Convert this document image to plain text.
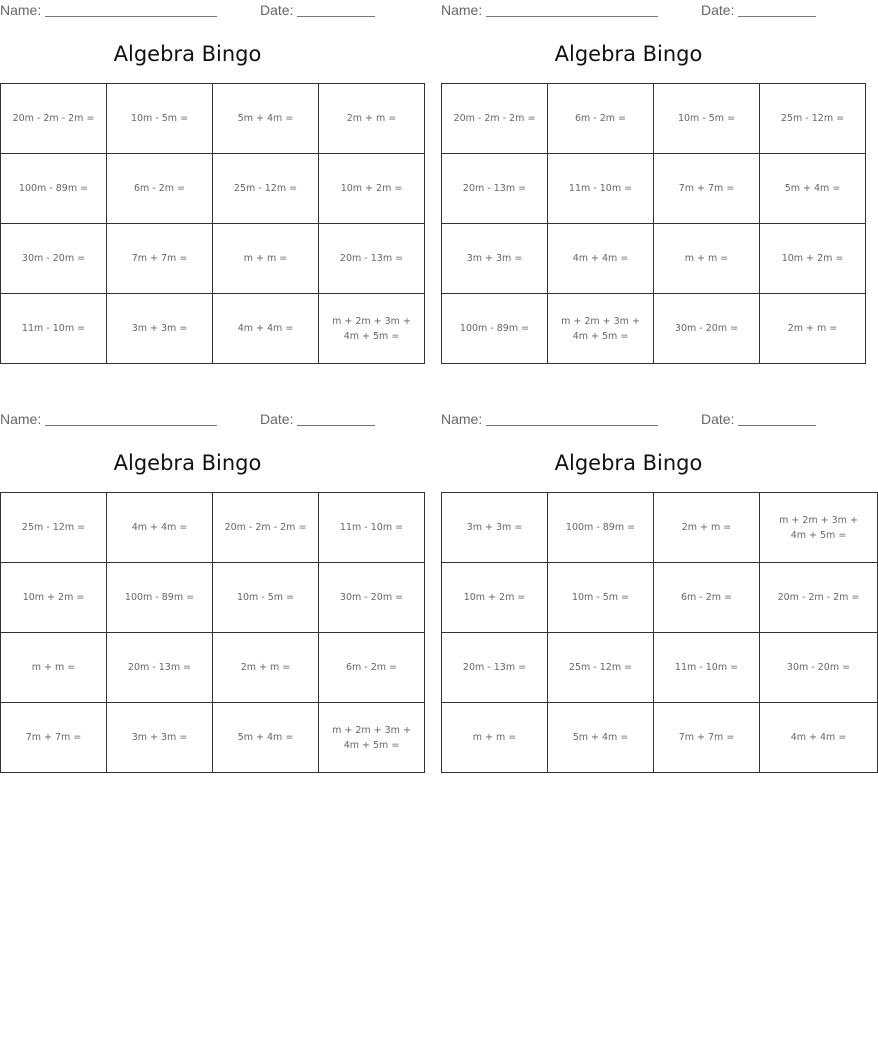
Name:	Date:
Algebra Bingo
20m - 2m - 2m =	10m - 5m =	5m + 4m =	2m + m =
100m - 89m =	6m - 2m =	25m - 12m =	10m + 2m =
30m - 20m =	7m + 7m =	m + m =	20m - 13m =
11m - 10m =	3m + 3m =	4m + 4m =	m + 2m + 3m + 4m + 5m =
Name:	Date:
Algebra Bingo
20m - 2m - 2m =	6m - 2m =	10m - 5m =	25m - 12m =
20m - 13m =	11m - 10m =	7m + 7m =	5m + 4m =
3m + 3m =	4m + 4m =	m + m =	10m + 2m =
100m - 89m =	m + 2m + 3m + 4m + 5m =	30m - 20m =	2m + m =
Name:	Date:
Algebra Bingo
25m - 12m =	4m + 4m =	20m - 2m - 2m =	11m - 10m =
10m + 2m =	100m - 89m =	10m - 5m =	30m - 20m =
m + m =	20m - 13m =	2m + m =	6m - 2m =
7m + 7m =	3m + 3m =	5m + 4m =	m + 2m + 3m + 4m + 5m =
Name:	Date:
Algebra Bingo
3m + 3m =	100m - 89m =	2m + m =	m + 2m + 3m + 4m + 5m =
10m + 2m =	10m - 5m =	6m - 2m =	20m - 2m - 2m =
20m - 13m =	25m - 12m =	11m - 10m =	30m - 20m =
m + m =	5m + 4m =	7m + 7m =	4m + 4m =
